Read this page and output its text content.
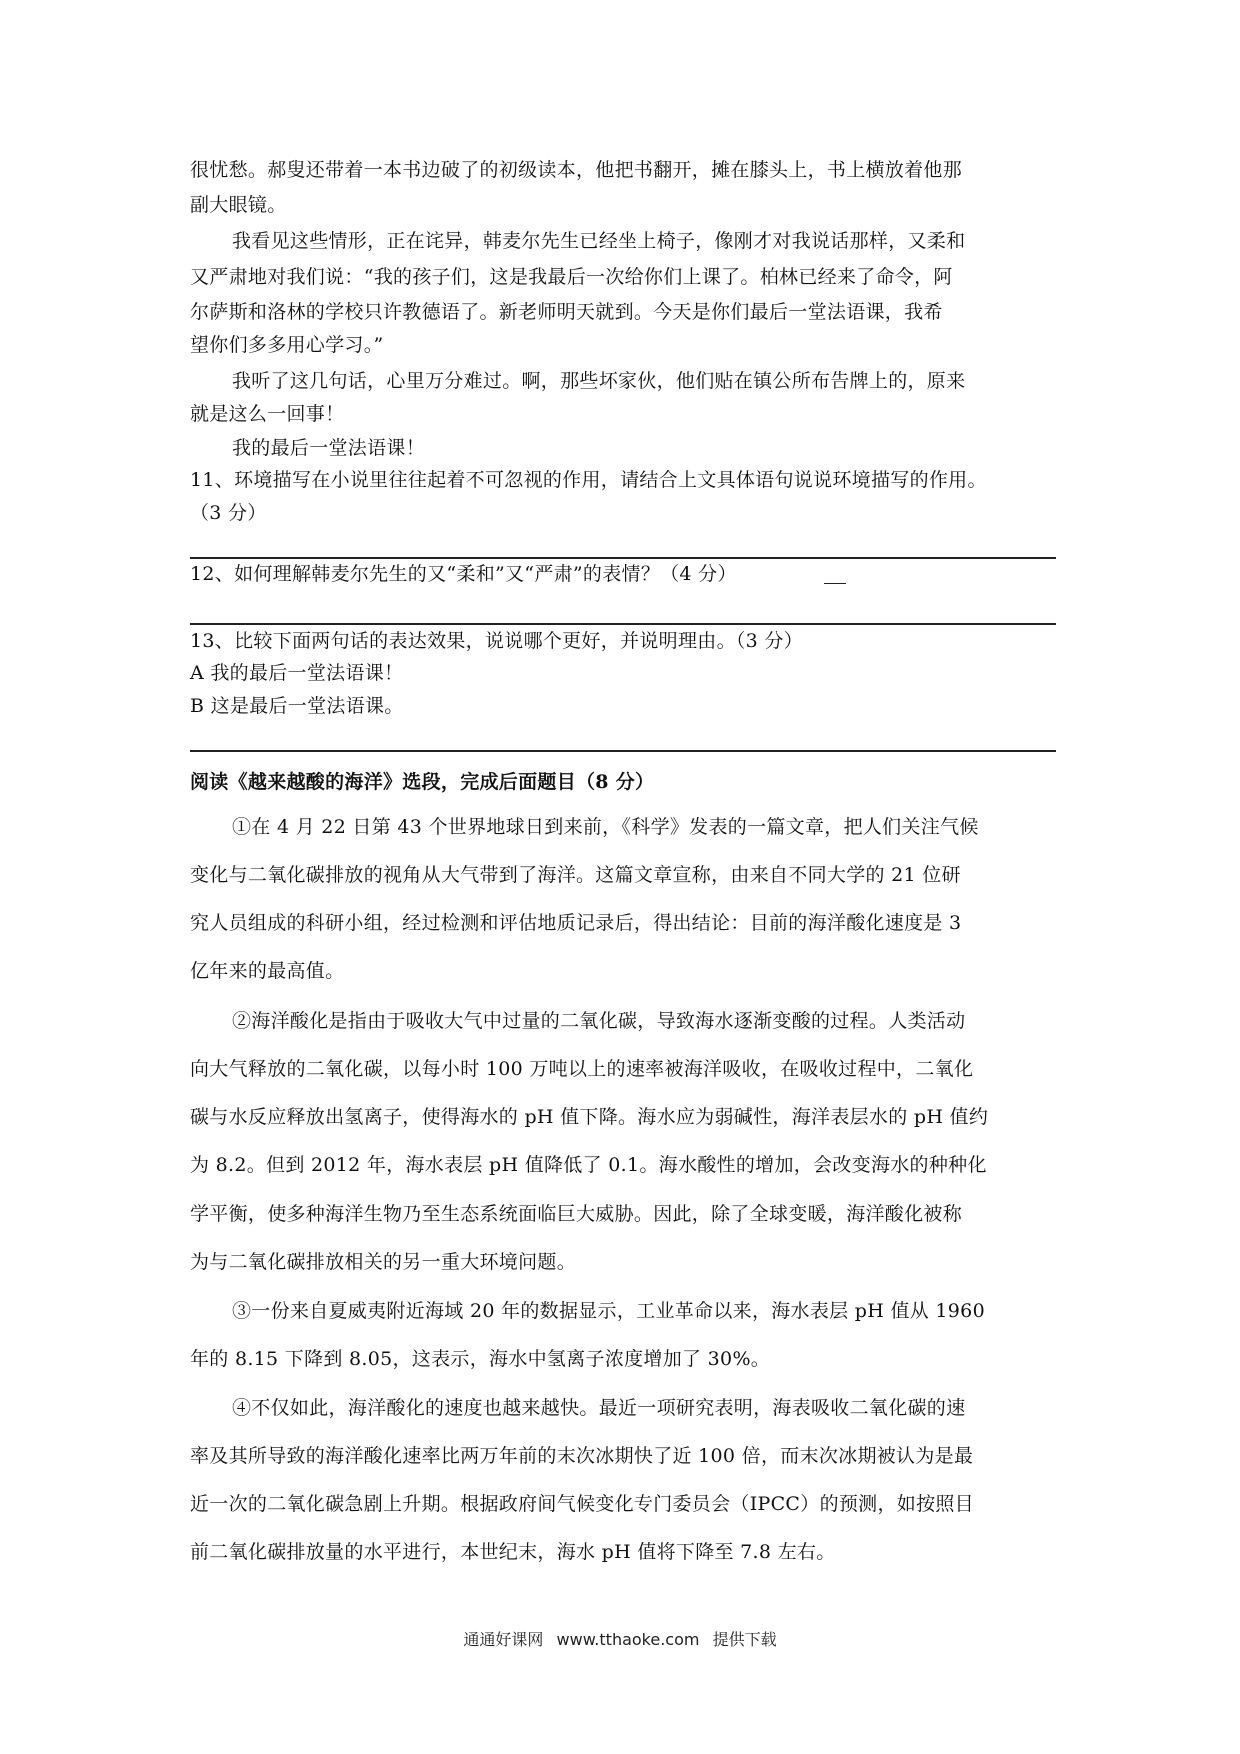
很忧愁。郝叟还带着一本书边破了的初级读本，他把书翻开，摊在膝头上，书上横放着他那
副大眼镜。
我看见这些情形，正在诧异，韩麦尔先生已经坐上椅子，像刚才对我说话那样，又柔和
又严肃地对我们说：“我的孩子们，这是我最后一次给你们上课了。柏林已经来了命令，阿
尔萨斯和洛林的学校只许教德语了。新老师明天就到。今天是你们最后一堂法语课，我希
望你们多多用心学习。”
我听了这几句话，心里万分难过。啊，那些坏家伙，他们贴在镇公所布告牌上的，原来
就是这么一回事！
我的最后一堂法语课！
11、环境描写在小说里往往起着不可忽视的作用，请结合上文具体语句说说环境描写的作用。
（3 分）
12、如何理解韩麦尔先生的又“柔和”又“严肃”的表情？（4 分）
13、比较下面两句话的表达效果，说说哪个更好，并说明理由。（3 分）
A 我的最后一堂法语课！
B 这是最后一堂法语课。
阅读《越来越酸的海洋》选段，完成后面题目（8 分）
①在 4 月 22 日第 43 个世界地球日到来前，《科学》发表的一篇文章，把人们关注气候
变化与二氧化碳排放的视角从大气带到了海洋。这篇文章宣称，由来自不同大学的 21 位研
究人员组成的科研小组，经过检测和评估地质记录后，得出结论：目前的海洋酸化速度是 3
亿年来的最高值。
②海洋酸化是指由于吸收大气中过量的二氧化碳，导致海水逐渐变酸的过程。人类活动
向大气释放的二氧化碳，以每小时 100 万吨以上的速率被海洋吸收，在吸收过程中，二氧化
碳与水反应释放出氢离子，使得海水的 pH 值下降。海水应为弱碱性，海洋表层水的 pH 值约
为 8.2。但到 2012 年，海水表层 pH 值降低了 0.1。海水酸性的增加，会改变海水的种种化
学平衡，使多种海洋生物乃至生态系统面临巨大威胁。因此，除了全球变暖，海洋酸化被称
为与二氧化碳排放相关的另一重大环境问题。
③一份来自夏威夷附近海域 20 年的数据显示，工业革命以来，海水表层 pH 值从 1960
年的 8.15 下降到 8.05，这表示，海水中氢离子浓度增加了 30%。
④不仅如此，海洋酸化的速度也越来越快。最近一项研究表明，海表吸收二氧化碳的速
率及其所导致的海洋酸化速率比两万年前的末次冰期快了近 100 倍，而末次冰期被认为是最
近一次的二氧化碳急剧上升期。根据政府间气候变化专门委员会（IPCC）的预测，如按照目
前二氧化碳排放量的水平进行，本世纪末，海水 pH 值将下降至 7.8 左右。
通通好课网 www.tthaoke.com 提供下载
